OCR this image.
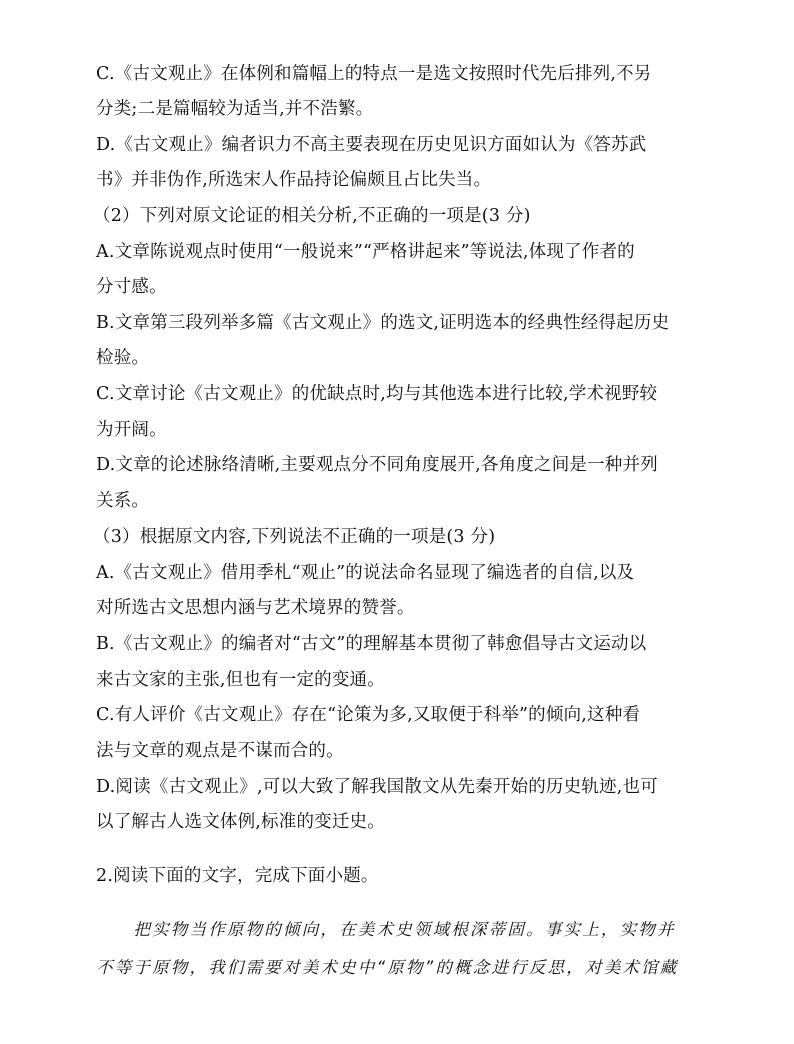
C.《古文观止》在体例和篇幅上的特点一是选文按照时代先后排列,不另
分类;二是篇幅较为适当,并不浩繁。
D.《古文观止》编者识力不高主要表现在历史见识方面如认为《答苏武
书》并非伪作,所选宋人作品持论偏颇且占比失当。
（2）下列对原文论证的相关分析,不正确的一项是(3 分)
A.文章陈说观点时使用“一般说来”“严格讲起来”等说法,体现了作者的
分寸感。
B.文章第三段列举多篇《古文观止》的选文,证明选本的经典性经得起历史
检验。
C.文章讨论《古文观止》的优缺点时,均与其他选本进行比较,学术视野较
为开阔。
D.文章的论述脉络清晰,主要观点分不同角度展开,各角度之间是一种并列
关系。
（3）根据原文内容,下列说法不正确的一项是(3 分)
A.《古文观止》借用季札“观止”的说法命名显现了编选者的自信,以及
对所选古文思想内涵与艺术境界的赞誉。
B.《古文观止》的编者对“古文”的理解基本贯彻了韩愈倡导古文运动以
来古文家的主张,但也有一定的变通。
C.有人评价《古文观止》存在“论策为多,又取便于科举”的倾向,这种看
法与文章的观点是不谋而合的。
D.阅读《古文观止》,可以大致了解我国散文从先秦开始的历史轨迹,也可
以了解古人选文体例,标准的变迁史。
2.阅读下面的文字，完成下面小题。
　　把实物当作原物的倾向，在美术史领域根深蒂固。事实上，实物并
不等于原物，我们需要对美术史中“原物”的概念进行反思，对美术馆藏
